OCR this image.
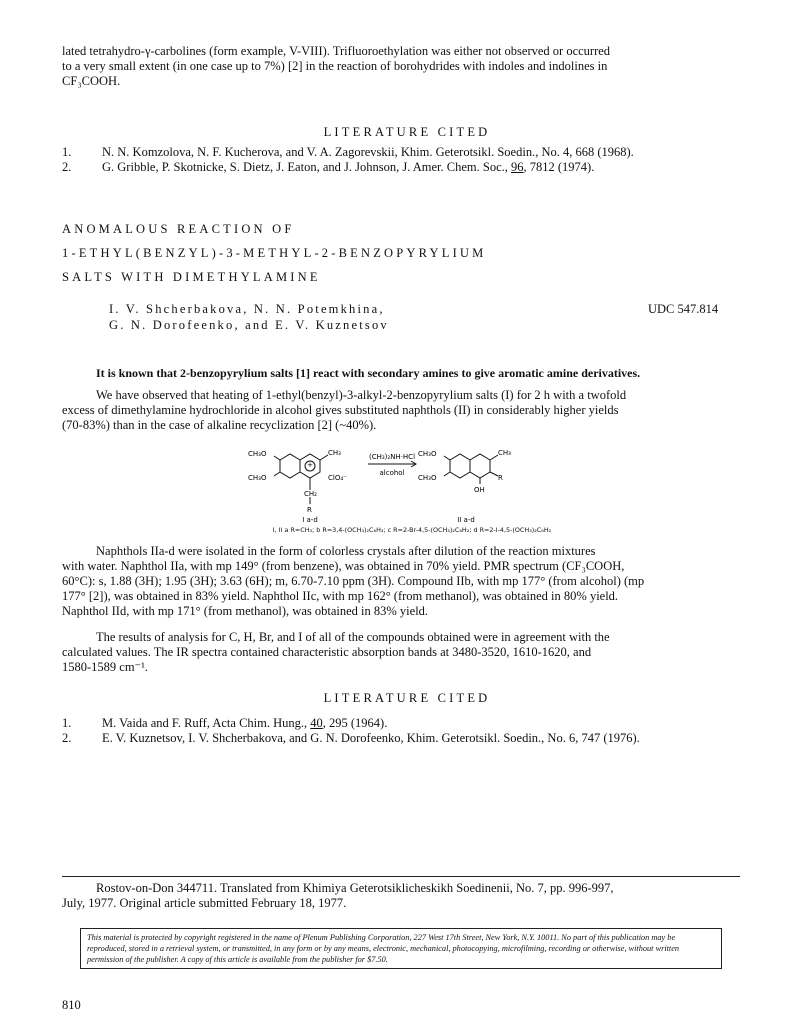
lated tetrahydro-γ-carbolines (form example, V-VIII). Trifluoroethylation was either not observed or occurred
to a very small extent (in one case up to 7%) [2] in the reaction of borohydrides with indoles and indolines in
CF₃COOH.
LITERATURE CITED
1. N. N. Komzolova, N. F. Kucherova, and V. A. Zagorevskii, Khim. Geterotsikl. Soedin., No. 4, 668 (1968).
2. G. Gribble, P. Skotnicke, S. Dietz, J. Eaton, and J. Johnson, J. Amer. Chem. Soc., 96, 7812 (1974).
ANOMALOUS REACTION OF
1-ETHYL(BENZYL)-3-METHYL-2-BENZOPYRYLIUM
SALTS WITH DIMETHYLAMINE
I. V. Shcherbakova, N. N. Potemkhina,
G. N. Dorofeenko, and E. V. Kuznetsov
UDC 547.814
It is known that 2-benzopyrylium salts [1] react with secondary amines to give aromatic amine derivatives.
We have observed that heating of 1-ethyl(benzyl)-3-alkyl-2-benzopyrylium salts (I) for 2 h with a twofold
excess of dimethylamine hydrochloride in alcohol gives substituted naphthols (II) in considerably higher yields
(70-83%) than in the case of alkaline recyclization [2] (~40%).
+
CH₃O
CH₃O
CH₃
ClO₄⁻
CH₂
R
(CH₃)₂NH·HCl
alcohol
CH₃O
CH₃O
CH₃
R
OH
I a-d	II a-d
I, II a R=CH₃; b R=3,4-(OCH₃)₂C₆H₃; c R=2-Br-4,5-(OCH₃)₂C₆H₂; d R=2-I-4,5-(OCH₃)₂C₆H₂
Naphthols IIa-d were isolated in the form of colorless crystals after dilution of the reaction mixtures
with water. Naphthol IIa, with mp 149° (from benzene), was obtained in 70% yield. PMR spectrum (CF₃COOH,
60°C): s, 1.88 (3H); 1.95 (3H); 3.63 (6H); m, 6.70-7.10 ppm (3H). Compound IIb, with mp 177° (from alcohol) (mp
177° [2]), was obtained in 83% yield. Naphthol IIc, with mp 162° (from methanol), was obtained in 80% yield.
Naphthol IId, with mp 171° (from methanol), was obtained in 83% yield.
The results of analysis for C, H, Br, and I of all of the compounds obtained were in agreement with the
calculated values. The IR spectra contained characteristic absorption bands at 3480-3520, 1610-1620, and
1580-1589 cm⁻¹.
LITERATURE CITED
1. M. Vaida and F. Ruff, Acta Chim. Hung., 40, 295 (1964).
2. E. V. Kuznetsov, I. V. Shcherbakova, and G. N. Dorofeenko, Khim. Geterotsikl. Soedin., No. 6, 747 (1976).
Rostov-on-Don 344711. Translated from Khimiya Geterotsiklicheskikh Soedinenii, No. 7, pp. 996-997,
July, 1977. Original article submitted February 18, 1977.
This material is protected by copyright registered in the name of Plenum Publishing Corporation, 227 West 17th Street, New York, N.Y. 10011. No part of this publication may be reproduced, stored in a retrieval system, or transmitted, in any form or by any means, electronic, mechanical, photocopying, microfilming, recording or otherwise, without written permission of the publisher. A copy of this article is available from the publisher for $7.50.
810
